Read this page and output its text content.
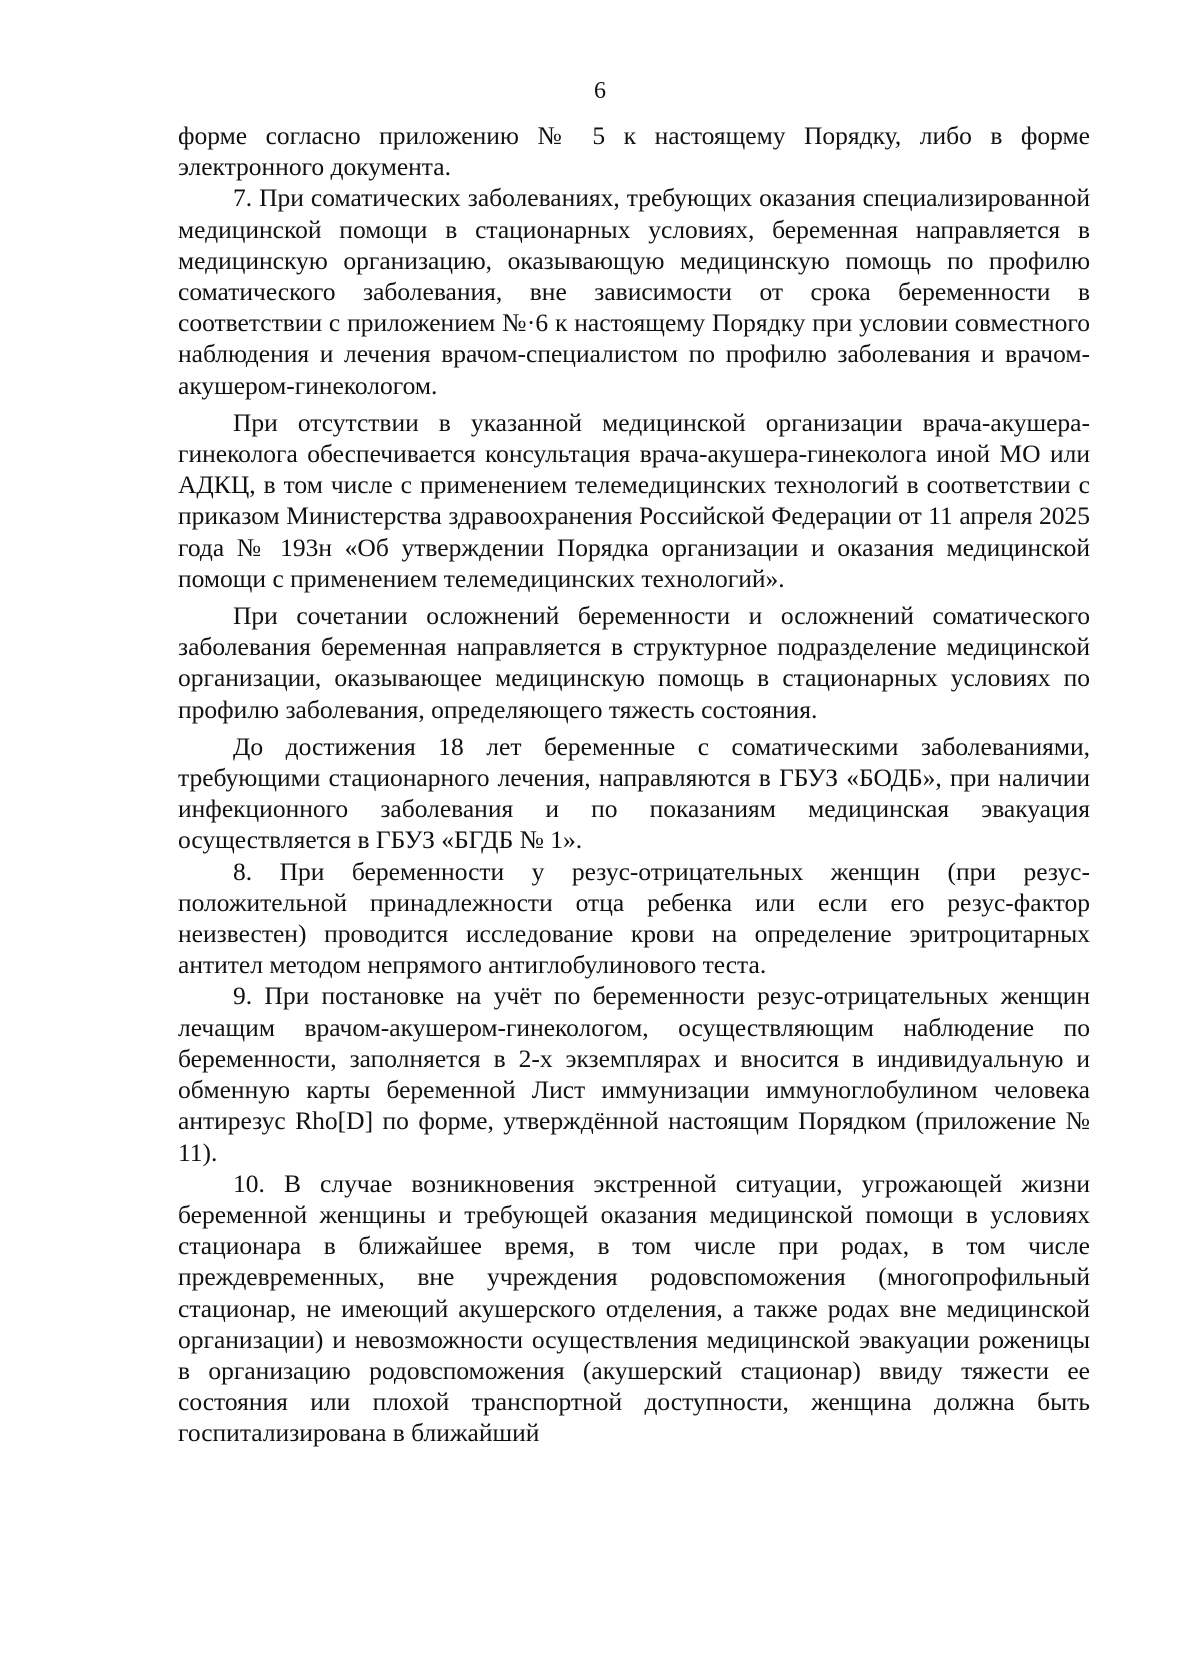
6

форме согласно приложению № 5 к настоящему Порядку, либо в форме электронного документа.

7. При соматических заболеваниях, требующих оказания специализированной медицинской помощи в стационарных условиях, беременная направляется в медицинскую организацию, оказывающую медицинскую помощь по профилю соматического заболевания, вне зависимости от срока беременности в соответствии с приложением №·6 к настоящему Порядку при условии совместного наблюдения и лечения врачом-специалистом по профилю заболевания и врачом-акушером-гинекологом.

При отсутствии в указанной медицинской организации врача-акушера-гинеколога обеспечивается консультация врача-акушера-гинеколога иной МО или АДКЦ, в том числе с применением телемедицинских технологий в соответствии с приказом Министерства здравоохранения Российской Федерации от 11 апреля 2025 года № 193н «Об утверждении Порядка организации и оказания медицинской помощи с применением телемедицинских технологий».

При сочетании осложнений беременности и осложнений соматического заболевания беременная направляется в структурное подразделение медицинской организации, оказывающее медицинскую помощь в стационарных условиях по профилю заболевания, определяющего тяжесть состояния.

До достижения 18 лет беременные с соматическими заболеваниями, требующими стационарного лечения, направляются в ГБУЗ «БОДБ», при наличии инфекционного заболевания и по показаниям медицинская эвакуация осуществляется в ГБУЗ «БГДБ № 1».

8. При беременности у резус-отрицательных женщин (при резус-положительной принадлежности отца ребенка или если его резус-фактор неизвестен) проводится исследование крови на определение эритроцитарных антител методом непрямого антиглобулинового теста.

9. При постановке на учёт по беременности резус-отрицательных женщин лечащим врачом-акушером-гинекологом, осуществляющим наблюдение по беременности, заполняется в 2-х экземплярах и вносится в индивидуальную и обменную карты беременной Лист иммунизации иммуноглобулином человека антирезус Rho[D] по форме, утверждённой настоящим Порядком (приложение № 11).

10. В случае возникновения экстренной ситуации, угрожающей жизни беременной женщины и требующей оказания медицинской помощи в условиях стационара в ближайшее время, в том числе при родах, в том числе преждевременных, вне учреждения родовспоможения (многопрофильный стационар, не имеющий акушерского отделения, а также родах вне медицинской организации) и невозможности осуществления медицинской эвакуации роженицы в организацию родовспоможения (акушерский стационар) ввиду тяжести ее состояния или плохой транспортной доступности, женщина должна быть госпитализирована в ближайший
